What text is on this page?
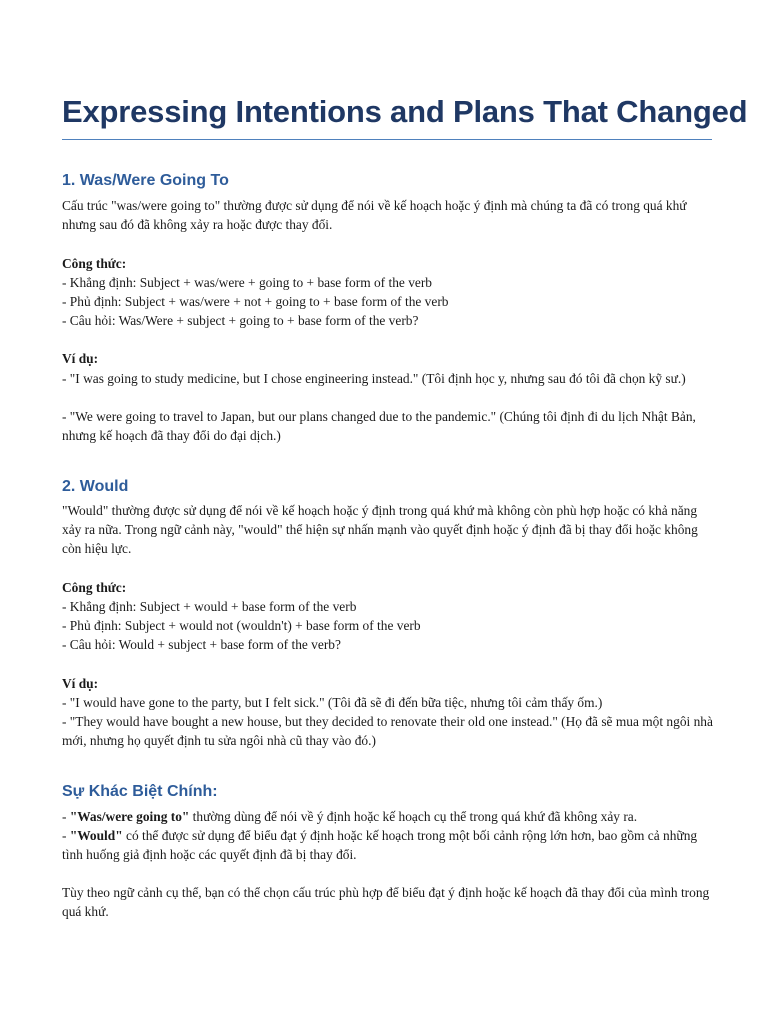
Expressing Intentions and Plans That Changed
1. Was/Were Going To

Cấu trúc "was/were going to" thường được sử dụng để nói về kế hoạch hoặc ý định mà chúng ta đã có trong quá khứ nhưng sau đó đã không xảy ra hoặc được thay đổi.

Công thức:

- Khẳng định: Subject + was/were + going to + base form of the verb

- Phủ định: Subject + was/were + not + going to + base form of the verb

- Câu hỏi: Was/Were + subject + going to + base form of the verb?

Ví dụ:

- "I was going to study medicine, but I chose engineering instead." (Tôi định học y, nhưng sau đó tôi đã chọn kỹ sư.)

- "We were going to travel to Japan, but our plans changed due to the pandemic." (Chúng tôi định đi du lịch Nhật Bản, nhưng kế hoạch đã thay đổi do đại dịch.)

2. Would

"Would" thường được sử dụng để nói về kế hoạch hoặc ý định trong quá khứ mà không còn phù hợp hoặc có khả năng xảy ra nữa. Trong ngữ cảnh này, "would" thể hiện sự nhấn mạnh vào quyết định hoặc ý định đã bị thay đổi hoặc không còn hiệu lực.

Công thức:

- Khẳng định: Subject + would + base form of the verb

- Phủ định: Subject + would not (wouldn't) + base form of the verb

- Câu hỏi: Would + subject + base form of the verb?

Ví dụ:

- "I would have gone to the party, but I felt sick." (Tôi đã sẽ đi đến bữa tiệc, nhưng tôi cảm thấy ốm.)

- "They would have bought a new house, but they decided to renovate their old one instead." (Họ đã sẽ mua một ngôi nhà mới, nhưng họ quyết định tu sửa ngôi nhà cũ thay vào đó.)

Sự Khác Biệt Chính:

- "Was/were going to" thường dùng để nói về ý định hoặc kế hoạch cụ thể trong quá khứ đã không xảy ra.

- "Would" có thể được sử dụng để biểu đạt ý định hoặc kế hoạch trong một bối cảnh rộng lớn hơn, bao gồm cả những tình huống giả định hoặc các quyết định đã bị thay đổi.

Tùy theo ngữ cảnh cụ thể, bạn có thể chọn cấu trúc phù hợp để biểu đạt ý định hoặc kế hoạch đã thay đổi của mình trong quá khứ.
